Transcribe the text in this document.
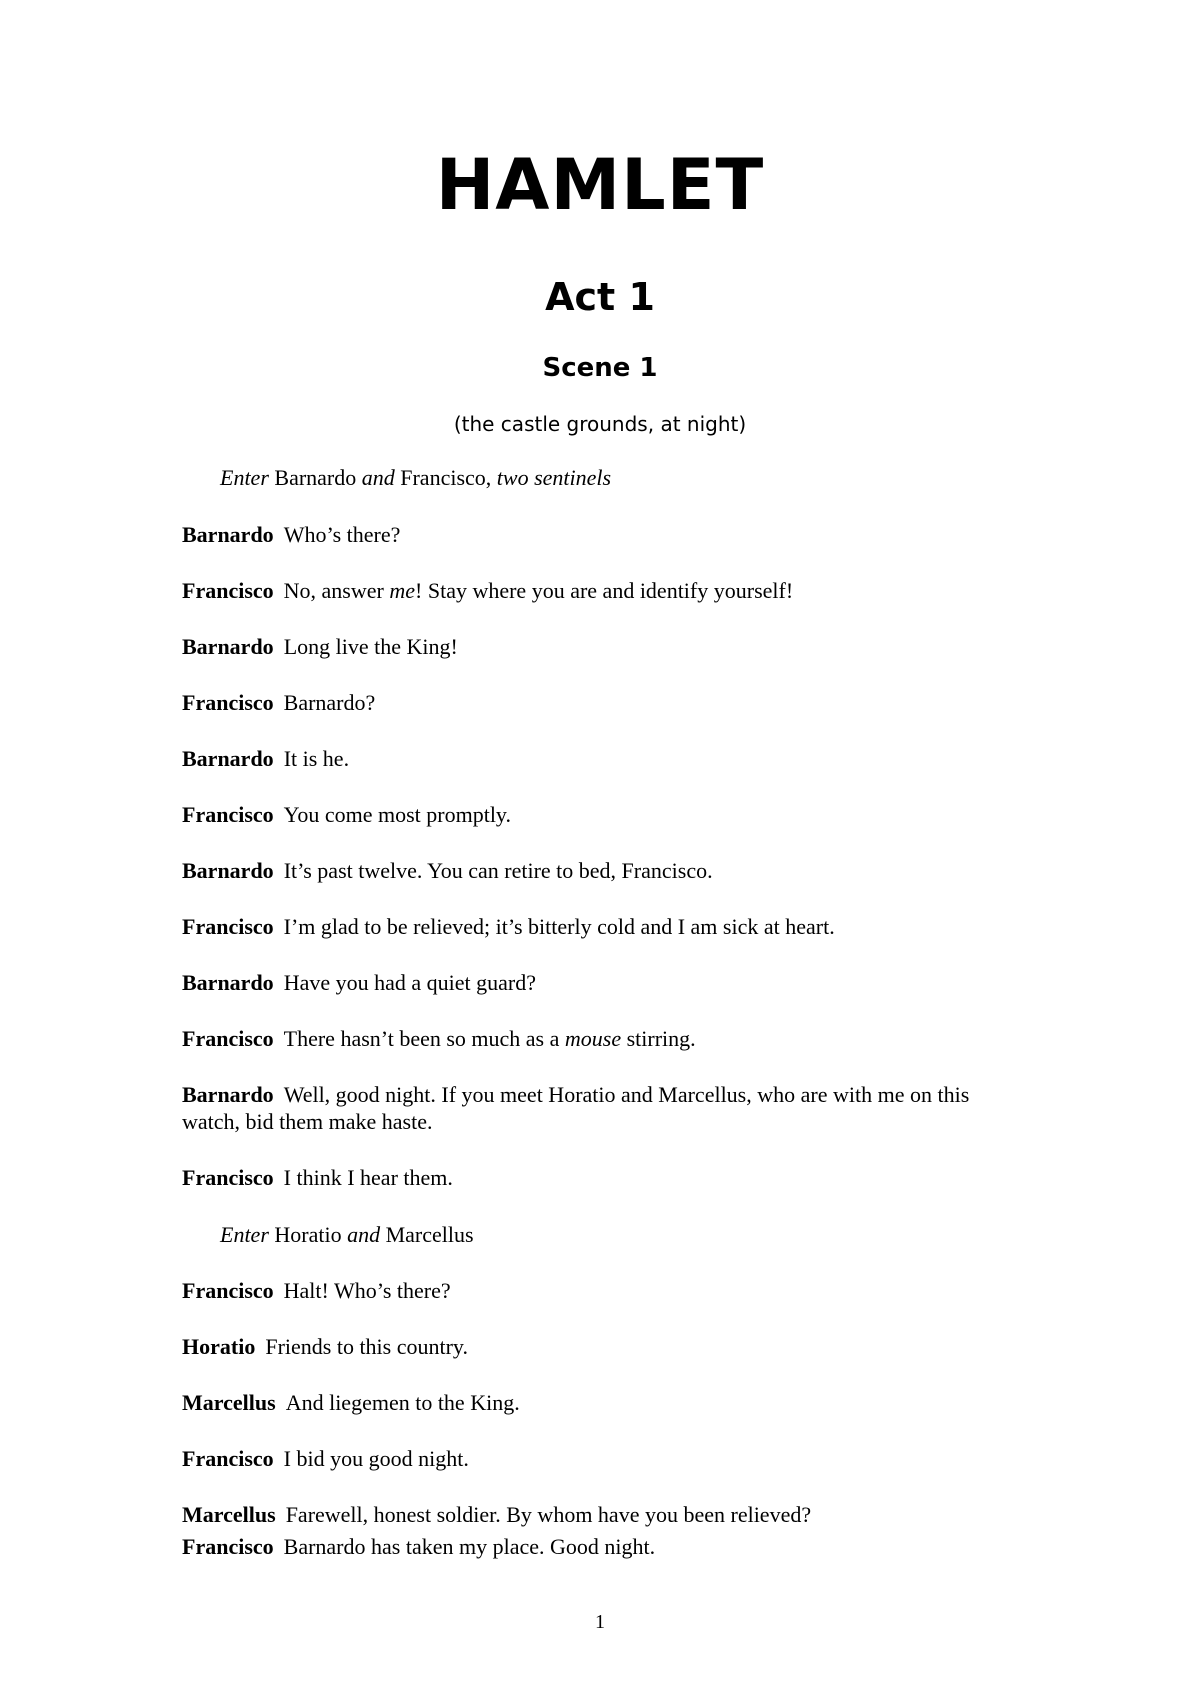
HAMLET
Act 1
Scene 1
(the castle grounds, at night)
Enter Barnardo and Francisco, two sentinels
Barnardo Who’s there?
Francisco No, answer me! Stay where you are and identify yourself!
Barnardo Long live the King!
Francisco Barnardo?
Barnardo It is he.
Francisco You come most promptly.
Barnardo It’s past twelve. You can retire to bed, Francisco.
Francisco I’m glad to be relieved; it’s bitterly cold and I am sick at heart.
Barnardo Have you had a quiet guard?
Francisco There hasn’t been so much as a mouse stirring.
Barnardo Well, good night. If you meet Horatio and Marcellus, who are with me on this watch, bid them make haste.
Francisco I think I hear them.
Enter Horatio and Marcellus
Francisco Halt! Who’s there?
Horatio Friends to this country.
Marcellus And liegemen to the King.
Francisco I bid you good night.
Marcellus Farewell, honest soldier. By whom have you been relieved?
Francisco Barnardo has taken my place. Good night.
1
